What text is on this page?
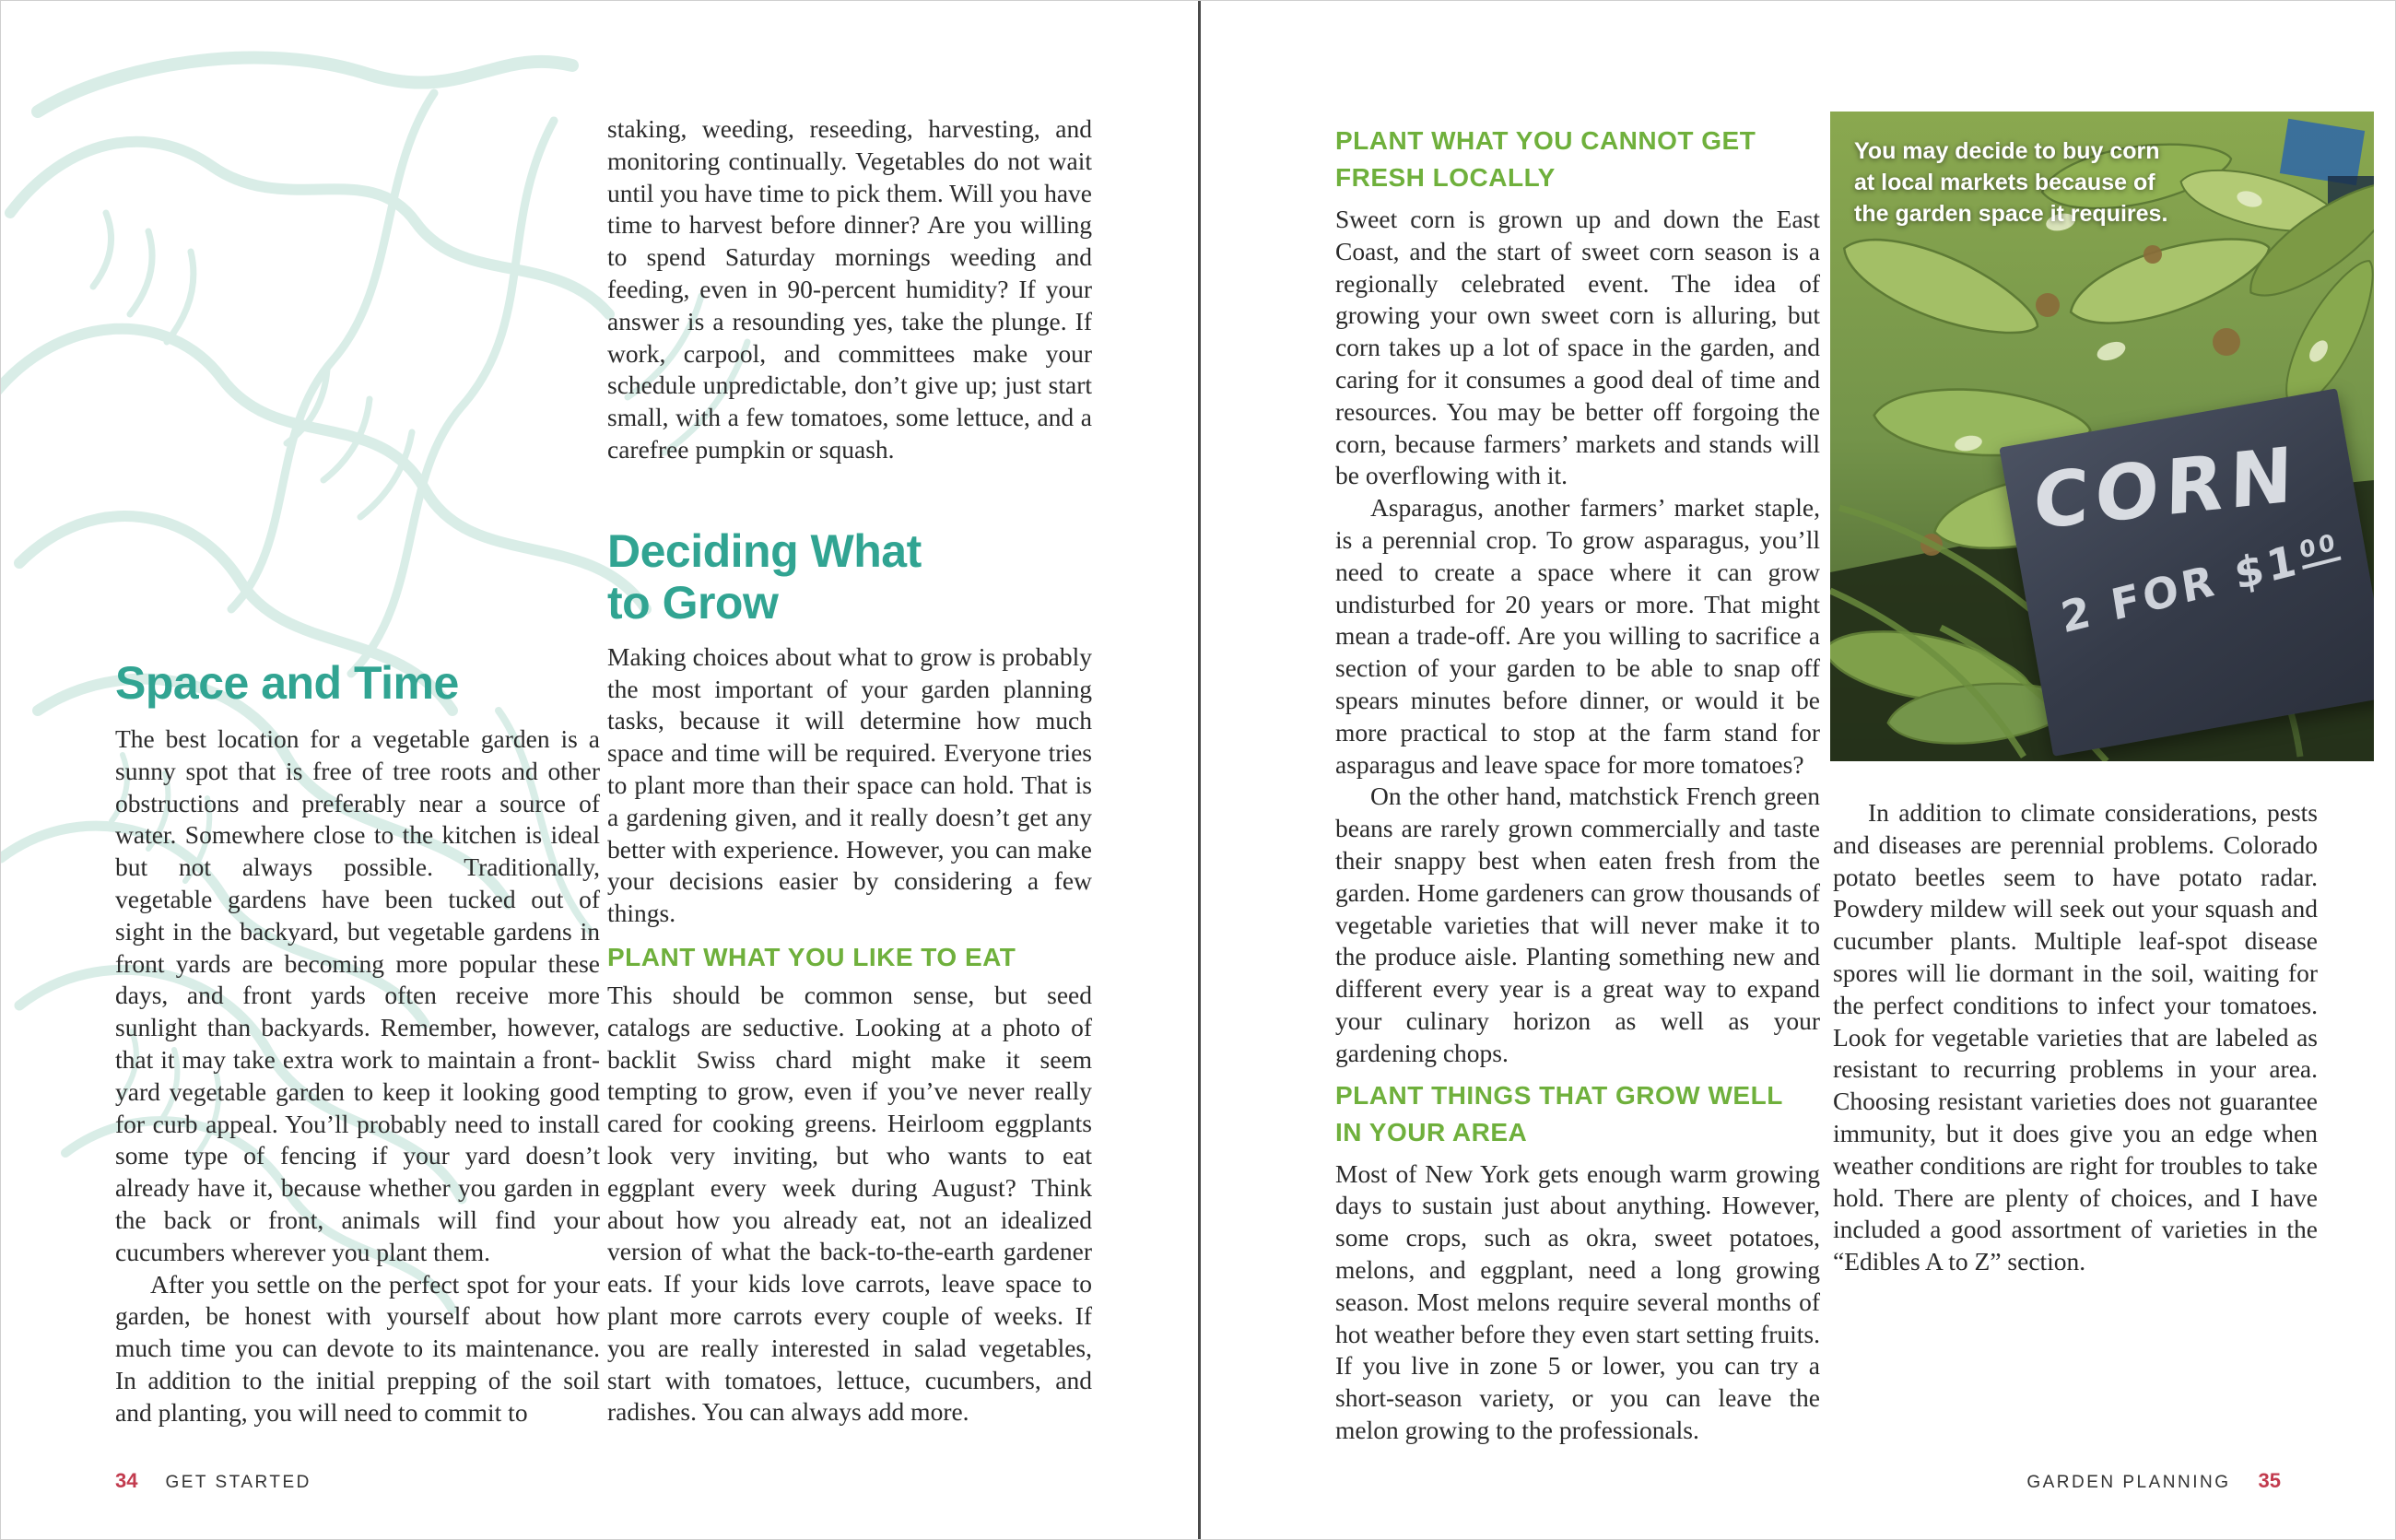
Space and Time

The best location for a vegetable garden is a sunny spot that is free of tree roots and other obstructions and preferably near a source of water. Somewhere close to the kitchen is ideal but not always possible. Traditionally, vegetable gardens have been tucked out of sight in the backyard, but vegetable gardens in front yards are becoming more popular these days, and front yards often receive more sunlight than backyards. Remember, however, that it may take extra work to maintain a front-yard vegetable garden to keep it looking good for curb appeal. You’ll probably need to install some type of fencing if your yard doesn’t already have it, because whether you garden in the back or front, animals will find your cucumbers wherever you plant them.

After you settle on the perfect spot for your garden, be honest with yourself about how much time you can devote to its maintenance. In addition to the initial prepping of the soil and planting, you will need to commit to

staking, weeding, reseeding, harvesting, and monitoring continually. Vegetables do not wait until you have time to pick them. Will you have time to harvest before dinner? Are you willing to spend Saturday mornings weeding and feeding, even in 90-percent humidity? If your answer is a resounding yes, take the plunge. If work, carpool, and committees make your schedule unpredictable, don’t give up; just start small, with a few tomatoes, some lettuce, and a carefree pumpkin or squash.

Deciding What
to Grow

Making choices about what to grow is probably the most important of your garden planning tasks, because it will determine how much space and time will be required. Everyone tries to plant more than their space can hold. That is a gardening given, and it really doesn’t get any better with experience. However, you can make your decisions easier by considering a few things.

PLANT WHAT YOU LIKE TO EAT

This should be common sense, but seed catalogs are seductive. Looking at a photo of backlit Swiss chard might make it seem tempting to grow, even if you’ve never really cared for cooking greens. Heirloom eggplants look very inviting, but who wants to eat eggplant every week during August? Think about how you already eat, not an idealized version of what the back-to-the-earth gardener eats. If your kids love carrots, leave space to plant more carrots every couple of weeks. If you are really interested in salad vegetables, start with tomatoes, lettuce, cucumbers, and radishes. You can always add more.

PLANT WHAT YOU CANNOT GET
FRESH LOCALLY

Sweet corn is grown up and down the East Coast, and the start of sweet corn season is a regionally celebrated event. The idea of growing your own sweet corn is alluring, but corn takes up a lot of space in the garden, and caring for it consumes a good deal of time and resources. You may be better off forgoing the corn, because farmers’ markets and stands will be overflowing with it.

Asparagus, another farmers’ market staple, is a perennial crop. To grow asparagus, you’ll need to create a space where it can grow undisturbed for 20 years or more. That might mean a trade-off. Are you willing to sacrifice a section of your garden to be able to snap off spears minutes before dinner, or would it be more practical to stop at the farm stand for asparagus and leave space for more tomatoes?

On the other hand, matchstick French green beans are rarely grown commercially and taste their snappy best when eaten fresh from the garden. Home gardeners can grow thousands of vegetable varieties that will never make it to the produce aisle. Planting something new and different every year is a great way to expand your culinary horizon as well as your gardening chops.

PLANT THINGS THAT GROW WELL
IN YOUR AREA

Most of New York gets enough warm growing days to sustain just about anything. However, some crops, such as okra, sweet potatoes, melons, and eggplant, need a long growing season. Most melons require several months of hot weather before they even start setting fruits. If you live in zone 5 or lower, you can try a short-season variety, or you can leave the melon growing to the professionals.

You may decide to buy corn at local markets because of the garden space it requires.
CORN
2 FOR $\$1^{00}$

In addition to climate considerations, pests and diseases are perennial problems. Colorado potato beetles seem to have potato radar. Powdery mildew will seek out your squash and cucumber plants. Multiple leaf-spot disease spores will lie dormant in the soil, waiting for the perfect conditions to infect your tomatoes. Look for vegetable varieties that are labeled as resistant to recurring problems in your area. Choosing resistant varieties does not guarantee immunity, but it does give you an edge when weather conditions are right for troubles to take hold. There are plenty of choices, and I have included a good assortment of varieties in the “Edibles A to Z” section.

34 GET STARTED	GARDEN PLANNING 35
